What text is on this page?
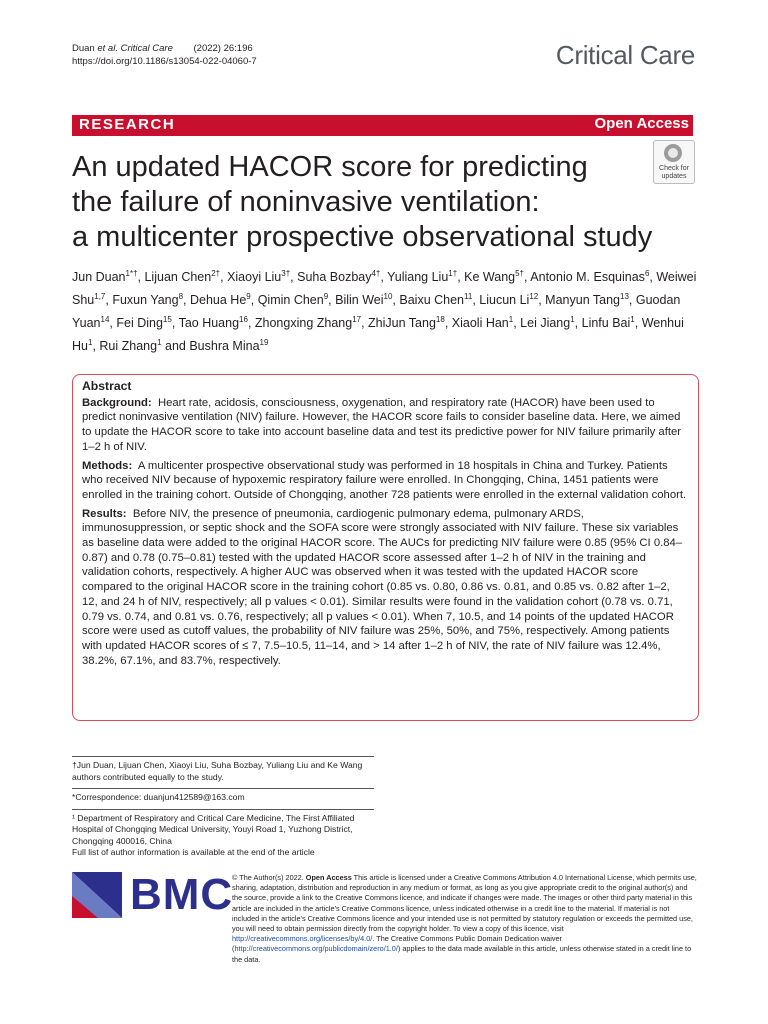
Duan et al. Critical Care (2022) 26:196
https://doi.org/10.1186/s13054-022-04060-7	Critical Care
RESEARCH	Open Access
An updated HACOR score for predicting
the failure of noninvasive ventilation:
a multicenter prospective observational study
Check for
updates
Jun Duan$^{1*\dagger}$, Lijuan Chen$^{2\dagger}$, Xiaoyi Liu$^{3\dagger}$, Suha Bozbay$^{4\dagger}$, Yuliang Liu$^{1\dagger}$, Ke Wang$^{5\dagger}$, Antonio M. Esquinas$^6$, Weiwei Shu$^{1,7}$, Fuxun Yang$^8$, Dehua He$^9$, Qimin Chen$^9$, Bilin Wei$^{10}$, Baixu Chen$^{11}$, Liucun Li$^{12}$, Manyun Tang$^{13}$, Guodan Yuan$^{14}$, Fei Ding$^{15}$, Tao Huang$^{16}$, Zhongxing Zhang$^{17}$, ZhiJun Tang$^{18}$, Xiaoli Han$^1$, Lei Jiang$^1$, Linfu Bai$^1$, Wenhui Hu$^1$, Rui Zhang$^1$ and Bushra Mina$^{19}$

Abstract

Background: Heart rate, acidosis, consciousness, oxygenation, and respiratory rate (HACOR) have been used to predict noninvasive ventilation (NIV) failure. However, the HACOR score fails to consider baseline data. Here, we aimed to update the HACOR score to take into account baseline data and test its predictive power for NIV failure primarily after 1–2 h of NIV.

Methods: A multicenter prospective observational study was performed in 18 hospitals in China and Turkey. Patients who received NIV because of hypoxemic respiratory failure were enrolled. In Chongqing, China, 1451 patients were enrolled in the training cohort. Outside of Chongqing, another 728 patients were enrolled in the external validation cohort.

Results: Before NIV, the presence of pneumonia, cardiogenic pulmonary edema, pulmonary ARDS, immunosuppression, or septic shock and the SOFA score were strongly associated with NIV failure. These six variables as baseline data were added to the original HACOR score. The AUCs for predicting NIV failure were 0.85 (95% CI 0.84–0.87) and 0.78 (0.75–0.81) tested with the updated HACOR score assessed after 1–2 h of NIV in the training and validation cohorts, respectively. A higher AUC was observed when it was tested with the updated HACOR score compared to the original HACOR score in the training cohort (0.85 vs. 0.80, 0.86 vs. 0.81, and 0.85 vs. 0.82 after 1–2, 12, and 24 h of NIV, respectively; all p values < 0.01). Similar results were found in the validation cohort (0.78 vs. 0.71, 0.79 vs. 0.74, and 0.81 vs. 0.76, respectively; all p values < 0.01). When 7, 10.5, and 14 points of the updated HACOR score were used as cutoff values, the probability of NIV failure was 25%, 50%, and 75%, respectively. Among patients with updated HACOR scores of ≤ 7, 7.5–10.5, 11–14, and > 14 after 1–2 h of NIV, the rate of NIV failure was 12.4%, 38.2%, 67.1%, and 83.7%, respectively.

†Jun Duan, Lijuan Chen, Xiaoyi Liu, Suha Bozbay, Yuliang Liu and Ke Wang authors contributed equally to the study.

*Correspondence: duanjun412589@163.com

¹ Department of Respiratory and Critical Care Medicine, The First Affiliated Hospital of Chongqing Medical University, Youyi Road 1, Yuzhong District, Chongqing 400016, China

Full list of author information is available at the end of the article

BMC
© The Author(s) 2022. Open Access This article is licensed under a Creative Commons Attribution 4.0 International License, which permits use, sharing, adaptation, distribution and reproduction in any medium or format, as long as you give appropriate credit to the original author(s) and the source, provide a link to the Creative Commons licence, and indicate if changes were made. The images or other third party material in this article are included in the article's Creative Commons licence, unless indicated otherwise in a credit line to the material. If material is not included in the article's Creative Commons licence and your intended use is not permitted by statutory regulation or exceeds the permitted use, you will need to obtain permission directly from the copyright holder. To view a copy of this licence, visit http://creativecommons.org/licenses/by/4.0/. The Creative Commons Public Domain Dedication waiver (http://creativecommons.org/publicdomain/zero/1.0/) applies to the data made available in this article, unless otherwise stated in a credit line to the data.
